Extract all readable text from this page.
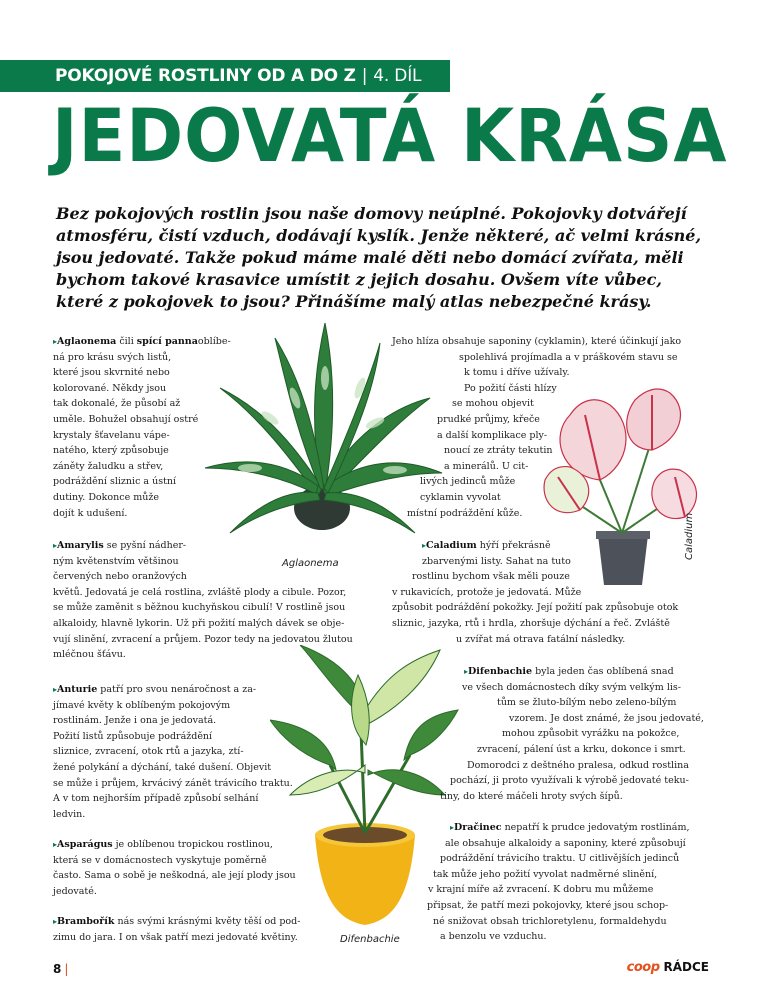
POKOJOVÉ ROSTLINY OD A DO Z | 4. DÍL
JEDOVATÁ KRÁSA
Bez pokojových rostlin jsou naše domovy neúplné. Pokojovky dotvářejí atmosféru, čistí vzduch, dodávají kyslík. Jenže některé, ač velmi krásné, jsou jedovaté. Takže pokud máme malé děti nebo domácí zvířata, měli bychom takové krasavice umístit z jejich dosahu. Ovšem víte vůbec, které z pokojovek to jsou? Přinášíme malý atlas nebezpečné krásy.
Aglaonema
Caladium
Difenbachie

▸Aglaonema čili spící pannaoblíbe-

ná pro krásu svých listů,

které jsou skvrnité nebo

kolorované. Někdy jsou

tak dokonalé, že působí až

uměle. Bohužel obsahují ostré

krystaly šťavelanu vápe-

natého, který způsobuje

záněty žaludku a střev,

podráždění sliznic a ústní

dutiny. Dokonce může

dojít k udušení.

▸Amarylis se pyšní nádher-

ným květenstvím většinou

červených nebo oranžových

květů. Jedovatá je celá rostlina, zvláště plody a cibule. Pozor,

se může zaměnit s běžnou kuchyňskou cibulí! V rostlině jsou

alkaloidy, hlavně lykorin. Už při požití malých dávek se obje-

vují slinění, zvracení a průjem. Pozor tedy na jedovatou žlutou

mléčnou šťávu.

▸Anturie patří pro svou nenáročnost a za-

jímavé květy k oblíbeným pokojovým

rostlinám. Jenže i ona je jedovatá.

Požití listů způsobuje podráždění

sliznice, zvracení, otok rtů a jazyka, ztí-

žené polykání a dýchání, také dušení. Objevit

se může i průjem, krvácivý zánět trávicího traktu.

A v tom nejhorším případě způsobí selhání

ledvin.

▸Asparágus je oblíbenou tropickou rostlinou,

která se v domácnostech vyskytuje poměrně

často. Sama o sobě je neškodná, ale její plody jsou

jedovaté.

▸Brambořík nás svými krásnými květy těší od pod-

zimu do jara. I on však patří mezi jedovaté květiny.

Jeho hlíza obsahuje saponiny (cyklamin), které účinkují jako

spolehlivá projímadla a v práškovém stavu se

k tomu i dříve užívaly.

Po požití části hlízy

se mohou objevit

prudké průjmy, křeče

a další komplikace ply-

noucí ze ztráty tekutin

a minerálů. U cit-

livých jedinců může

cyklamin vyvolat

místní podráždění kůže.

▸Caladium hýří překrásně

zbarvenými listy. Sahat na tuto

rostlinu bychom však měli pouze

v rukavicích, protože je jedovatá. Může

způsobit podráždění pokožky. Její požití pak způsobuje otok

sliznic, jazyka, rtů i hrdla, zhoršuje dýchání a řeč. Zvláště

u zvířat má otrava fatální následky.

▸Difenbachie byla jeden čas oblíbená snad

ve všech domácnostech díky svým velkým lis-

tům se žluto-bílým nebo zeleno-bílým

vzorem. Je dost známé, že jsou jedovaté,

mohou způsobit vyrážku na pokožce,

zvracení, pálení úst a krku, dokonce i smrt.

Domorodci z deštného pralesa, odkud rostlina

pochází, ji proto využívali k výrobě jedovaté teku-

tiny, do které máčeli hroty svých šípů.

▸Dračinec nepatří k prudce jedovatým rostlinám,

ale obsahuje alkaloidy a saponiny, které způsobují

podráždění trávicího traktu. U citlivějších jedinců

tak může jeho požití vyvolat nadměrné slinění,

v krajní míře až zvracení. K dobru mu můžeme

připsat, že patří mezi pokojovky, které jsou schop-

né snižovat obsah trichloretylenu, formaldehydu

a benzolu ve vzduchu.

8 |	coop RÁDCE
